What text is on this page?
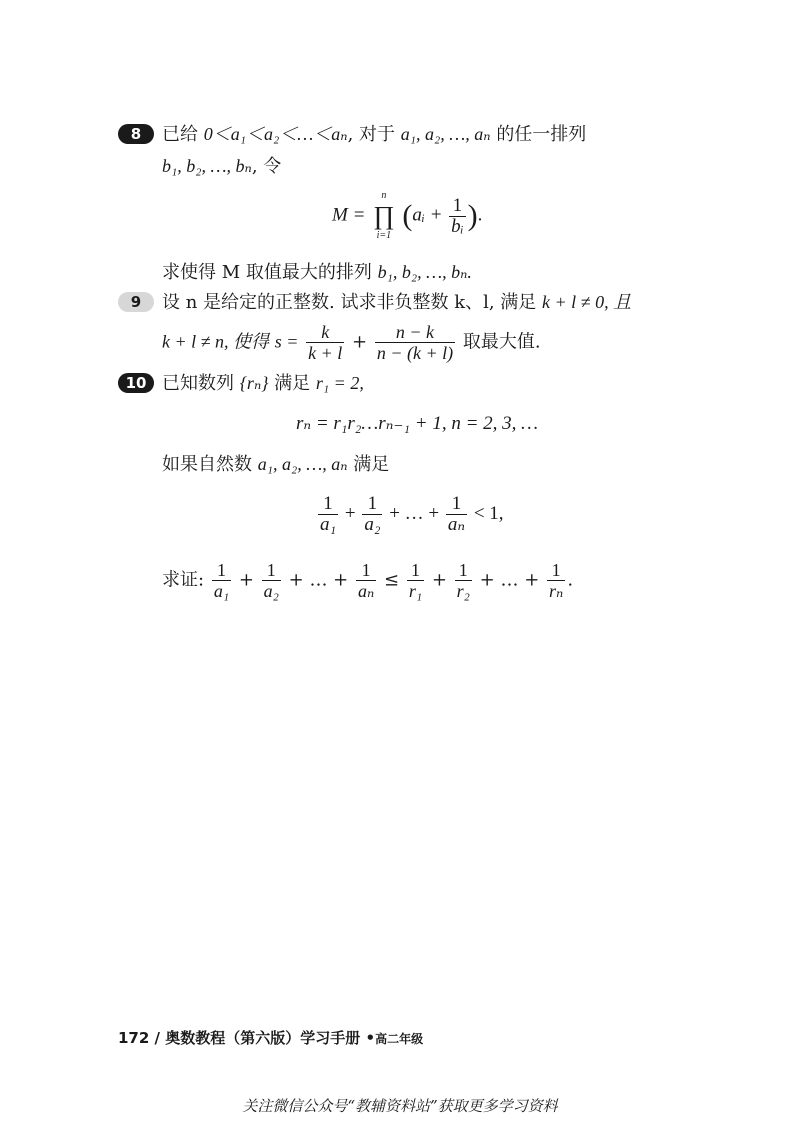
8	已给 0＜a₁＜a₂＜…＜aₙ, 对于 a₁, a₂, …, aₙ 的任一排列
b₁, b₂, …, bₙ, 令
M =
n
∏
i=1
(aᵢ + $\frac{1}{\text{bᵢ}}$ ).
求使得 M 取值最大的排列 b₁, b₂, …, bₙ.
9	设 n 是给定的正整数. 试求非负整数 k、l, 满足 k + l ≠ 0, 且
k + l ≠ n, 使得 $s = \frac{k}{k + l} + \frac{n - k}{n - (k + l)}$ 取最大值.
10 已知数列 {rₙ} 满足 r₁ = 2,
rₙ = r₁r₂…rₙ₋₁ + 1, n = 2, 3, …
如果自然数 a₁, a₂, …, aₙ 满足
$\frac{1}{\text{a₁}} + \frac{1}{\text{a₂}}$ + … + $\frac{1}{\text{aₙ}} < 1$,
求证: $\frac{1}{\text{a₁}} + \frac{1}{\text{a₂}}$ + … + $\frac{1}{\text{aₙ}} \le \frac{1}{\text{r₁}} + \frac{1}{\text{r₂}}$ + … + $\frac{1}{\text{rₙ}}$ .
172 / 奥数教程（第六版）学习手册 •高二年级
关注微信公众号“教辅资料站”获取更多学习资料
